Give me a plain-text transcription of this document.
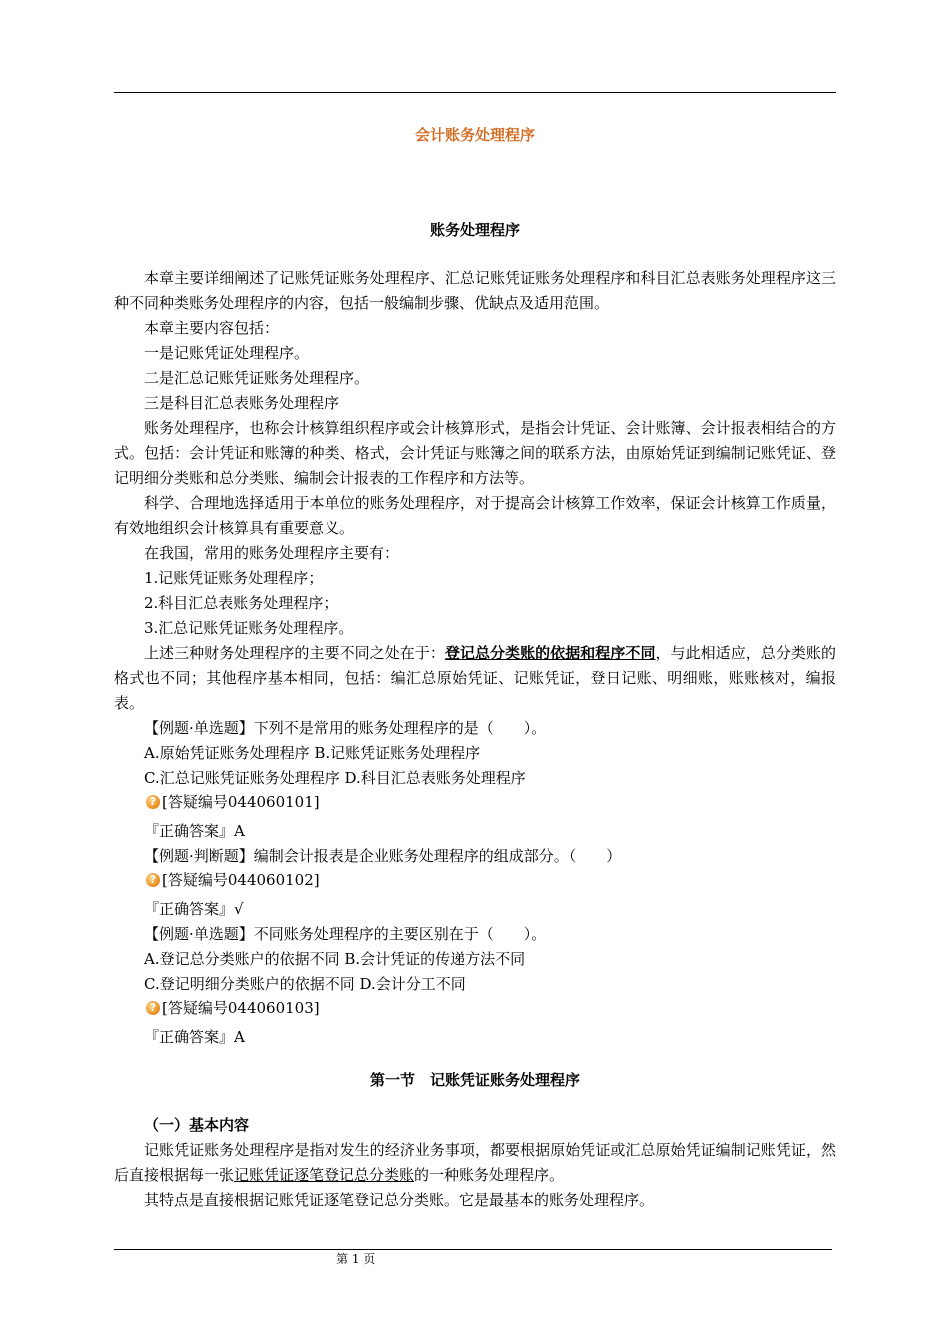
会计账务处理程序
账务处理程序

本章主要详细阐述了记账凭证账务处理程序、汇总记账凭证账务处理程序和科目汇总表账务处理程序这三种不同种类账务处理程序的内容，包括一般编制步骤、优缺点及适用范围。

本章主要内容包括：

一是记账凭证处理程序。

二是汇总记账凭证账务处理程序。

三是科目汇总表账务处理程序

账务处理程序，也称会计核算组织程序或会计核算形式，是指会计凭证、会计账簿、会计报表相结合的方式。包括：会计凭证和账簿的种类、格式，会计凭证与账簿之间的联系方法，由原始凭证到编制记账凭证、登记明细分类账和总分类账、编制会计报表的工作程序和方法等。

科学、合理地选择适用于本单位的账务处理程序，对于提高会计核算工作效率，保证会计核算工作质量，有效地组织会计核算具有重要意义。

在我国，常用的账务处理程序主要有：

1.记账凭证账务处理程序；

2.科目汇总表账务处理程序；

3.汇总记账凭证账务处理程序。

上述三种财务处理程序的主要不同之处在于：登记总分类账的依据和程序不同，与此相适应，总分类账的格式也不同；其他程序基本相同，包括：编汇总原始凭证、记账凭证，登日记账、明细账，账账核对，编报表。

【例题·单选题】下列不是常用的账务处理程序的是（　　）。

A.原始凭证账务处理程序 B.记账凭证账务处理程序

C.汇总记账凭证账务处理程序 D.科目汇总表账务处理程序

? [答疑编号044060101]

『正确答案』A

【例题·判断题】编制会计报表是企业账务处理程序的组成部分。（　　）

? [答疑编号044060102]

『正确答案』√

【例题·单选题】不同账务处理程序的主要区别在于（　　）。

A.登记总分类账户的依据不同 B.会计凭证的传递方法不同

C.登记明细分类账户的依据不同 D.会计分工不同

? [答疑编号044060103]

『正确答案』A

第一节　记账凭证账务处理程序

（一）基本内容

记账凭证账务处理程序是指对发生的经济业务事项，都要根据原始凭证或汇总原始凭证编制记账凭证，然后直接根据每一张记账凭证逐笔登记总分类账的一种账务处理程序。

其特点是直接根据记账凭证逐笔登记总分类账。它是最基本的账务处理程序。

第 1 页
